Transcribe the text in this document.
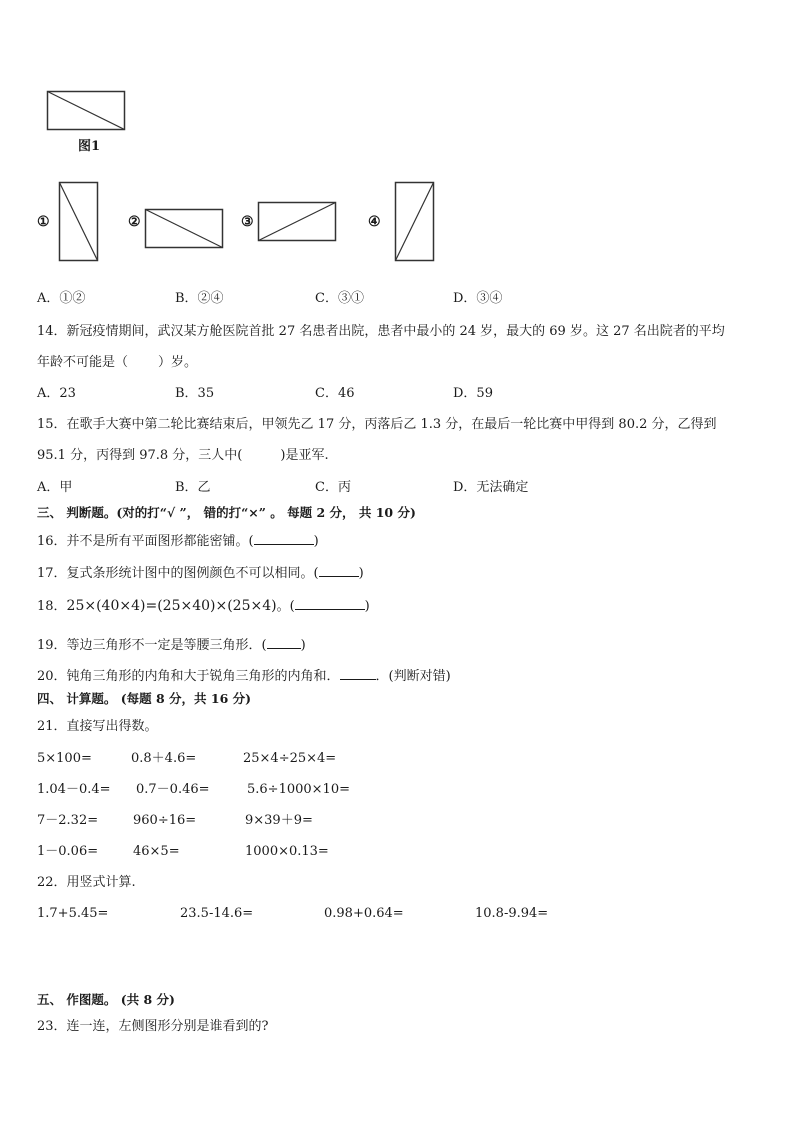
图1
①	②	③	④
A．①②	B．②④	C．③①	D．③④
14．新冠疫情期间，武汉某方舱医院首批 27 名患者出院，患者中最小的 24 岁，最大的 69 岁。这 27 名出院者的平均
年龄不可能是（ ）岁。
A．23	B．35	C．46	D．59
15．在歌手大赛中第二轮比赛结束后，甲领先乙 17 分，丙落后乙 1.3 分，在最后一轮比赛中甲得到 80.2 分，乙得到
95.1 分，丙得到 97.8 分，三人中(	)是亚军.
A．甲	B．乙	C．丙	D．无法确定
三、 判断题。(对的打“√ ”， 错的打“×” 。 每题 2 分， 共 10 分)
16．并不是所有平面图形都能密铺。(	)
17．复式条形统计图中的图例颜色不可以相同。(	)
18．25×(40×4)=(25×40)×(25×4)。(	)
19．等边三角形不一定是等腰三角形．(	)
20．钝角三角形的内角和大于锐角三角形的内角和．	．(判断对错)
四、 计算题。 (每题 8 分，共 16 分)
21．直接写出得数。
5×100=	0.8＋4.6=	25×4÷25×4=
1.04－0.4= 0.7－0.46=	5.6÷1000×10=
7－2.32=	960÷16=	9×39＋9=
1－0.06=	46×5=	1000×0.13=
22．用竖式计算.
1.7+5.45=	23.5-14.6=	0.98+0.64=	10.8-9.94=
五、 作图题。 (共 8 分)
23．连一连，左侧图形分别是谁看到的?
